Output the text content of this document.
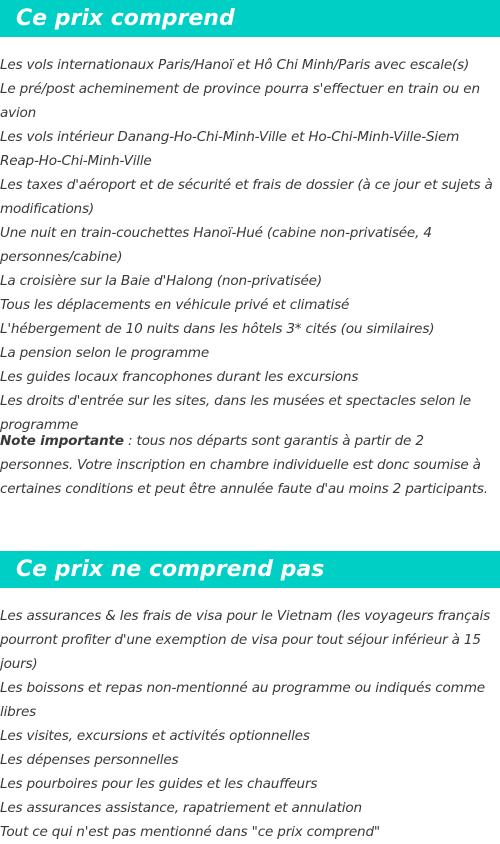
Ce prix comprend
Les vols internationaux Paris/Hanoï et Hô Chi Minh/Paris avec escale(s)
Le pré/post acheminement de province pourra s'effectuer en train ou en avion
Les vols intérieur Danang-Ho-Chi-Minh-Ville et Ho-Chi-Minh-Ville-Siem Reap-Ho-Chi-Minh-Ville
Les taxes d'aéroport et de sécurité et frais de dossier (à ce jour et sujets à modifications)
Une nuit en train-couchettes Hanoï-Hué (cabine non-privatisée, 4 personnes/cabine)
La croisière sur la Baie d'Halong (non-privatisée)
Tous les déplacements en véhicule privé et climatisé
L'hébergement de 10 nuits dans les hôtels 3* cités (ou similaires)
La pension selon le programme
Les guides locaux francophones durant les excursions
Les droits d'entrée sur les sites, dans les musées et spectacles selon le programme

Note importante : tous nos départs sont garantis à partir de 2 personnes. Votre inscription en chambre individuelle est donc soumise à certaines conditions et peut être annulée faute d'au moins 2 participants.

Ce prix ne comprend pas
Les assurances & les frais de visa pour le Vietnam (les voyageurs français pourront profiter d'une exemption de visa pour tout séjour inférieur à 15 jours)
Les boissons et repas non-mentionné au programme ou indiqués comme libres
Les visites, excursions et activités optionnelles
Les dépenses personnelles
Les pourboires pour les guides et les chauffeurs
Les assurances assistance, rapatriement et annulation
Tout ce qui n'est pas mentionné dans "ce prix comprend"
